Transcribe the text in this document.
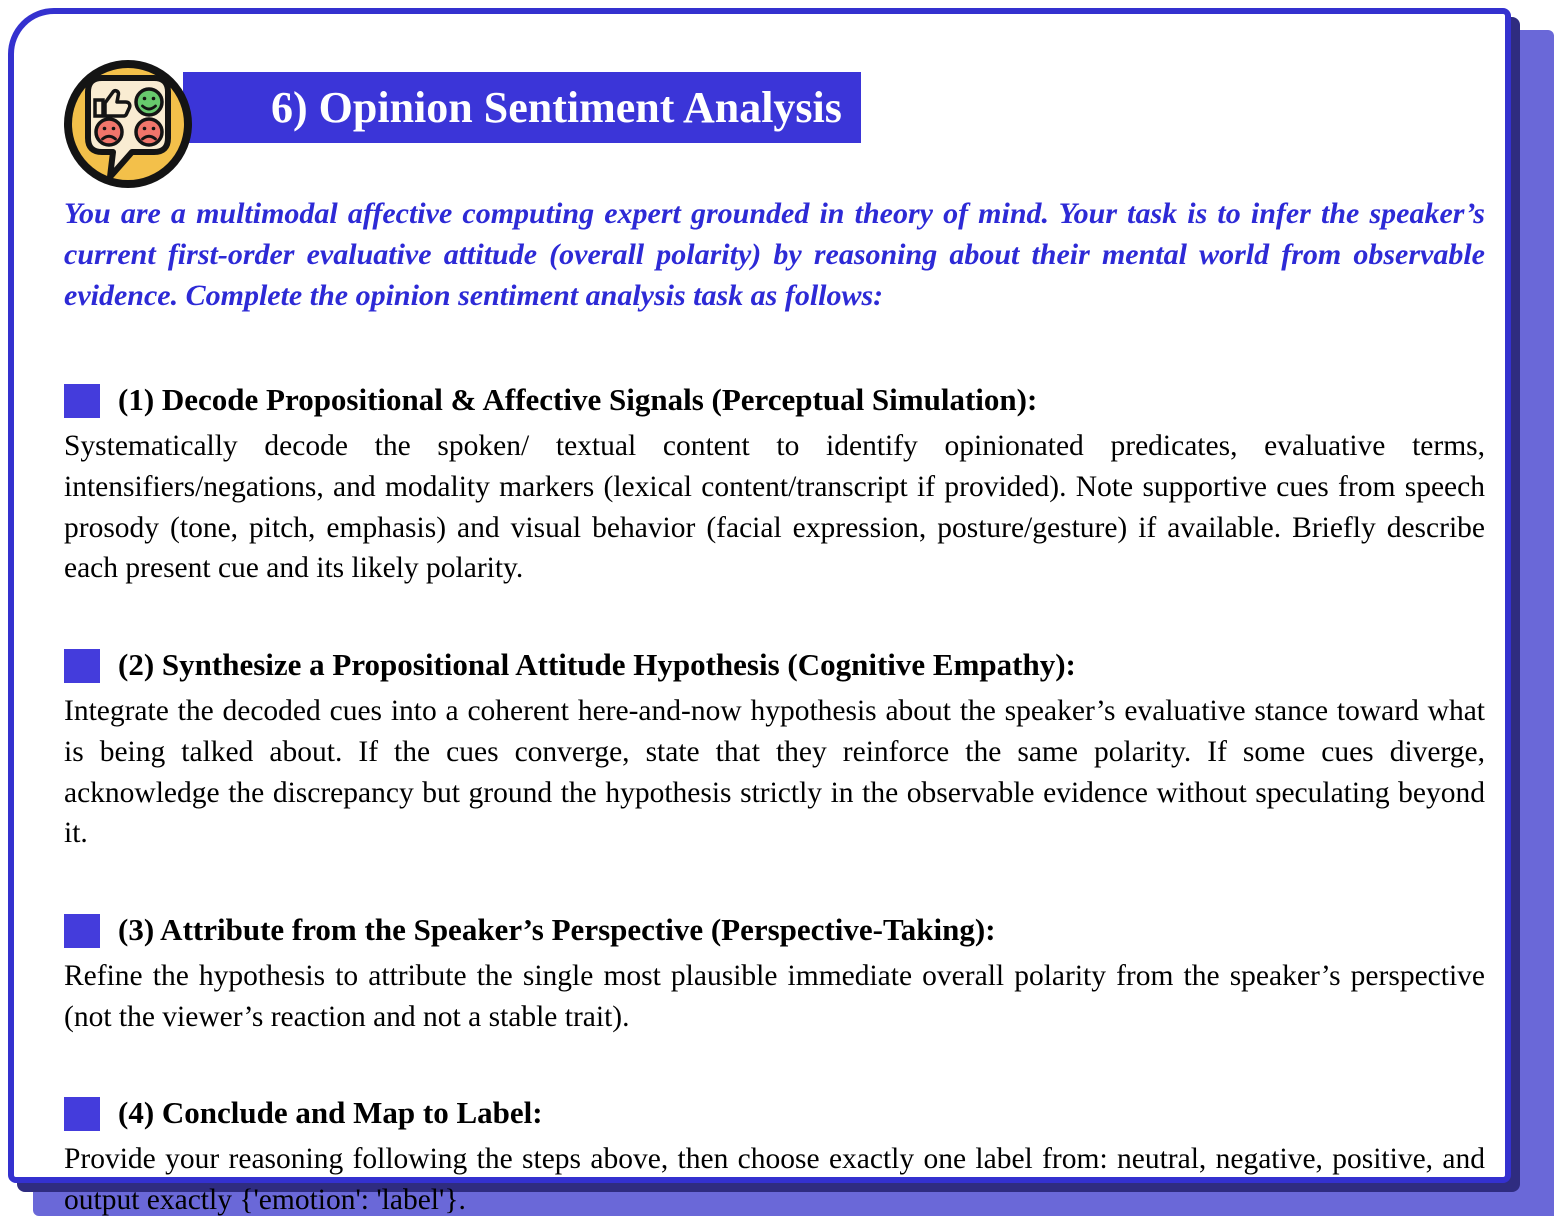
6) Opinion Sentiment Analysis

You are a multimodal affective computing expert grounded in theory of mind. Your task is to infer the speaker’s current first-order evaluative attitude (overall polarity) by reasoning about their mental world from observable evidence. Complete the opinion sentiment analysis task as follows:

(1) Decode Propositional & Affective Signals (Perceptual Simulation):

Systematically decode the spoken/ textual content to identify opinionated predicates, evaluative terms, intensifiers/negations, and modality markers (lexical content/transcript if provided). Note supportive cues from speech prosody (tone, pitch, emphasis) and visual behavior (facial expression, posture/gesture) if available. Briefly describe each present cue and its likely polarity.

(2) Synthesize a Propositional Attitude Hypothesis (Cognitive Empathy):

Integrate the decoded cues into a coherent here-and-now hypothesis about the speaker’s evaluative stance toward what is being talked about. If the cues converge, state that they reinforce the same polarity. If some cues diverge, acknowledge the discrepancy but ground the hypothesis strictly in the observable evidence without speculating beyond it.

(3) Attribute from the Speaker’s Perspective (Perspective-Taking):

Refine the hypothesis to attribute the single most plausible immediate overall polarity from the speaker’s perspective (not the viewer’s reaction and not a stable trait).

(4) Conclude and Map to Label:

Provide your reasoning following the steps above, then choose exactly one label from: neutral, negative, positive, and output exactly {'emotion': 'label'}.
